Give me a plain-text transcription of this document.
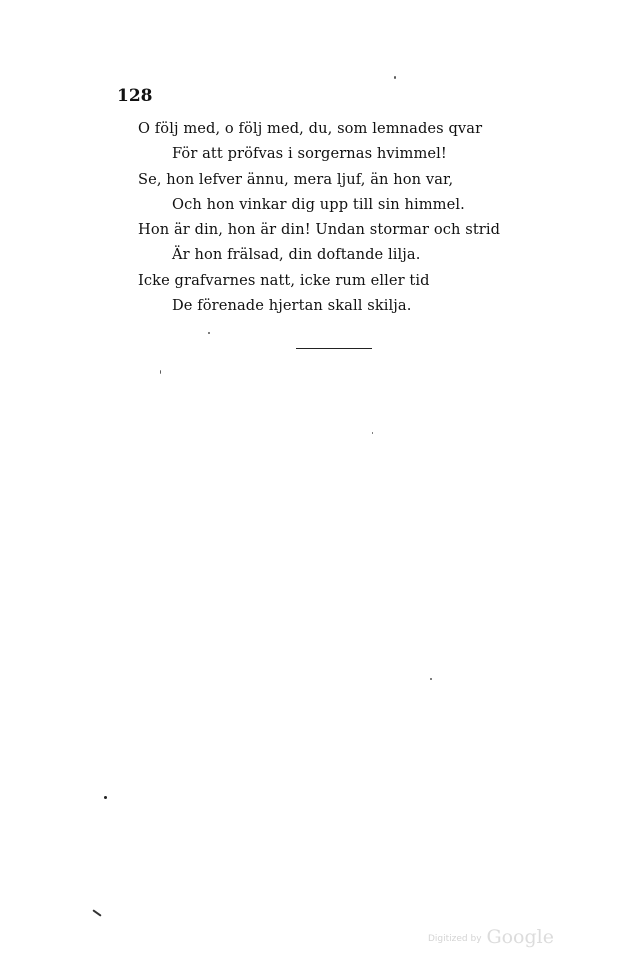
128
O följ med, o följ med, du, som lemnades qvar
För att pröfvas i sorgernas hvimmel!
Se, hon lefver ännu, mera ljuf, än hon var,
Och hon vinkar dig upp till sin himmel.
Hon är din, hon är din! Undan stormar och strid
Är hon frälsad, din doftande lilja.
Icke grafvarnes natt, icke rum eller tid
De förenade hjertan skall skilja.
Digitized by Google
